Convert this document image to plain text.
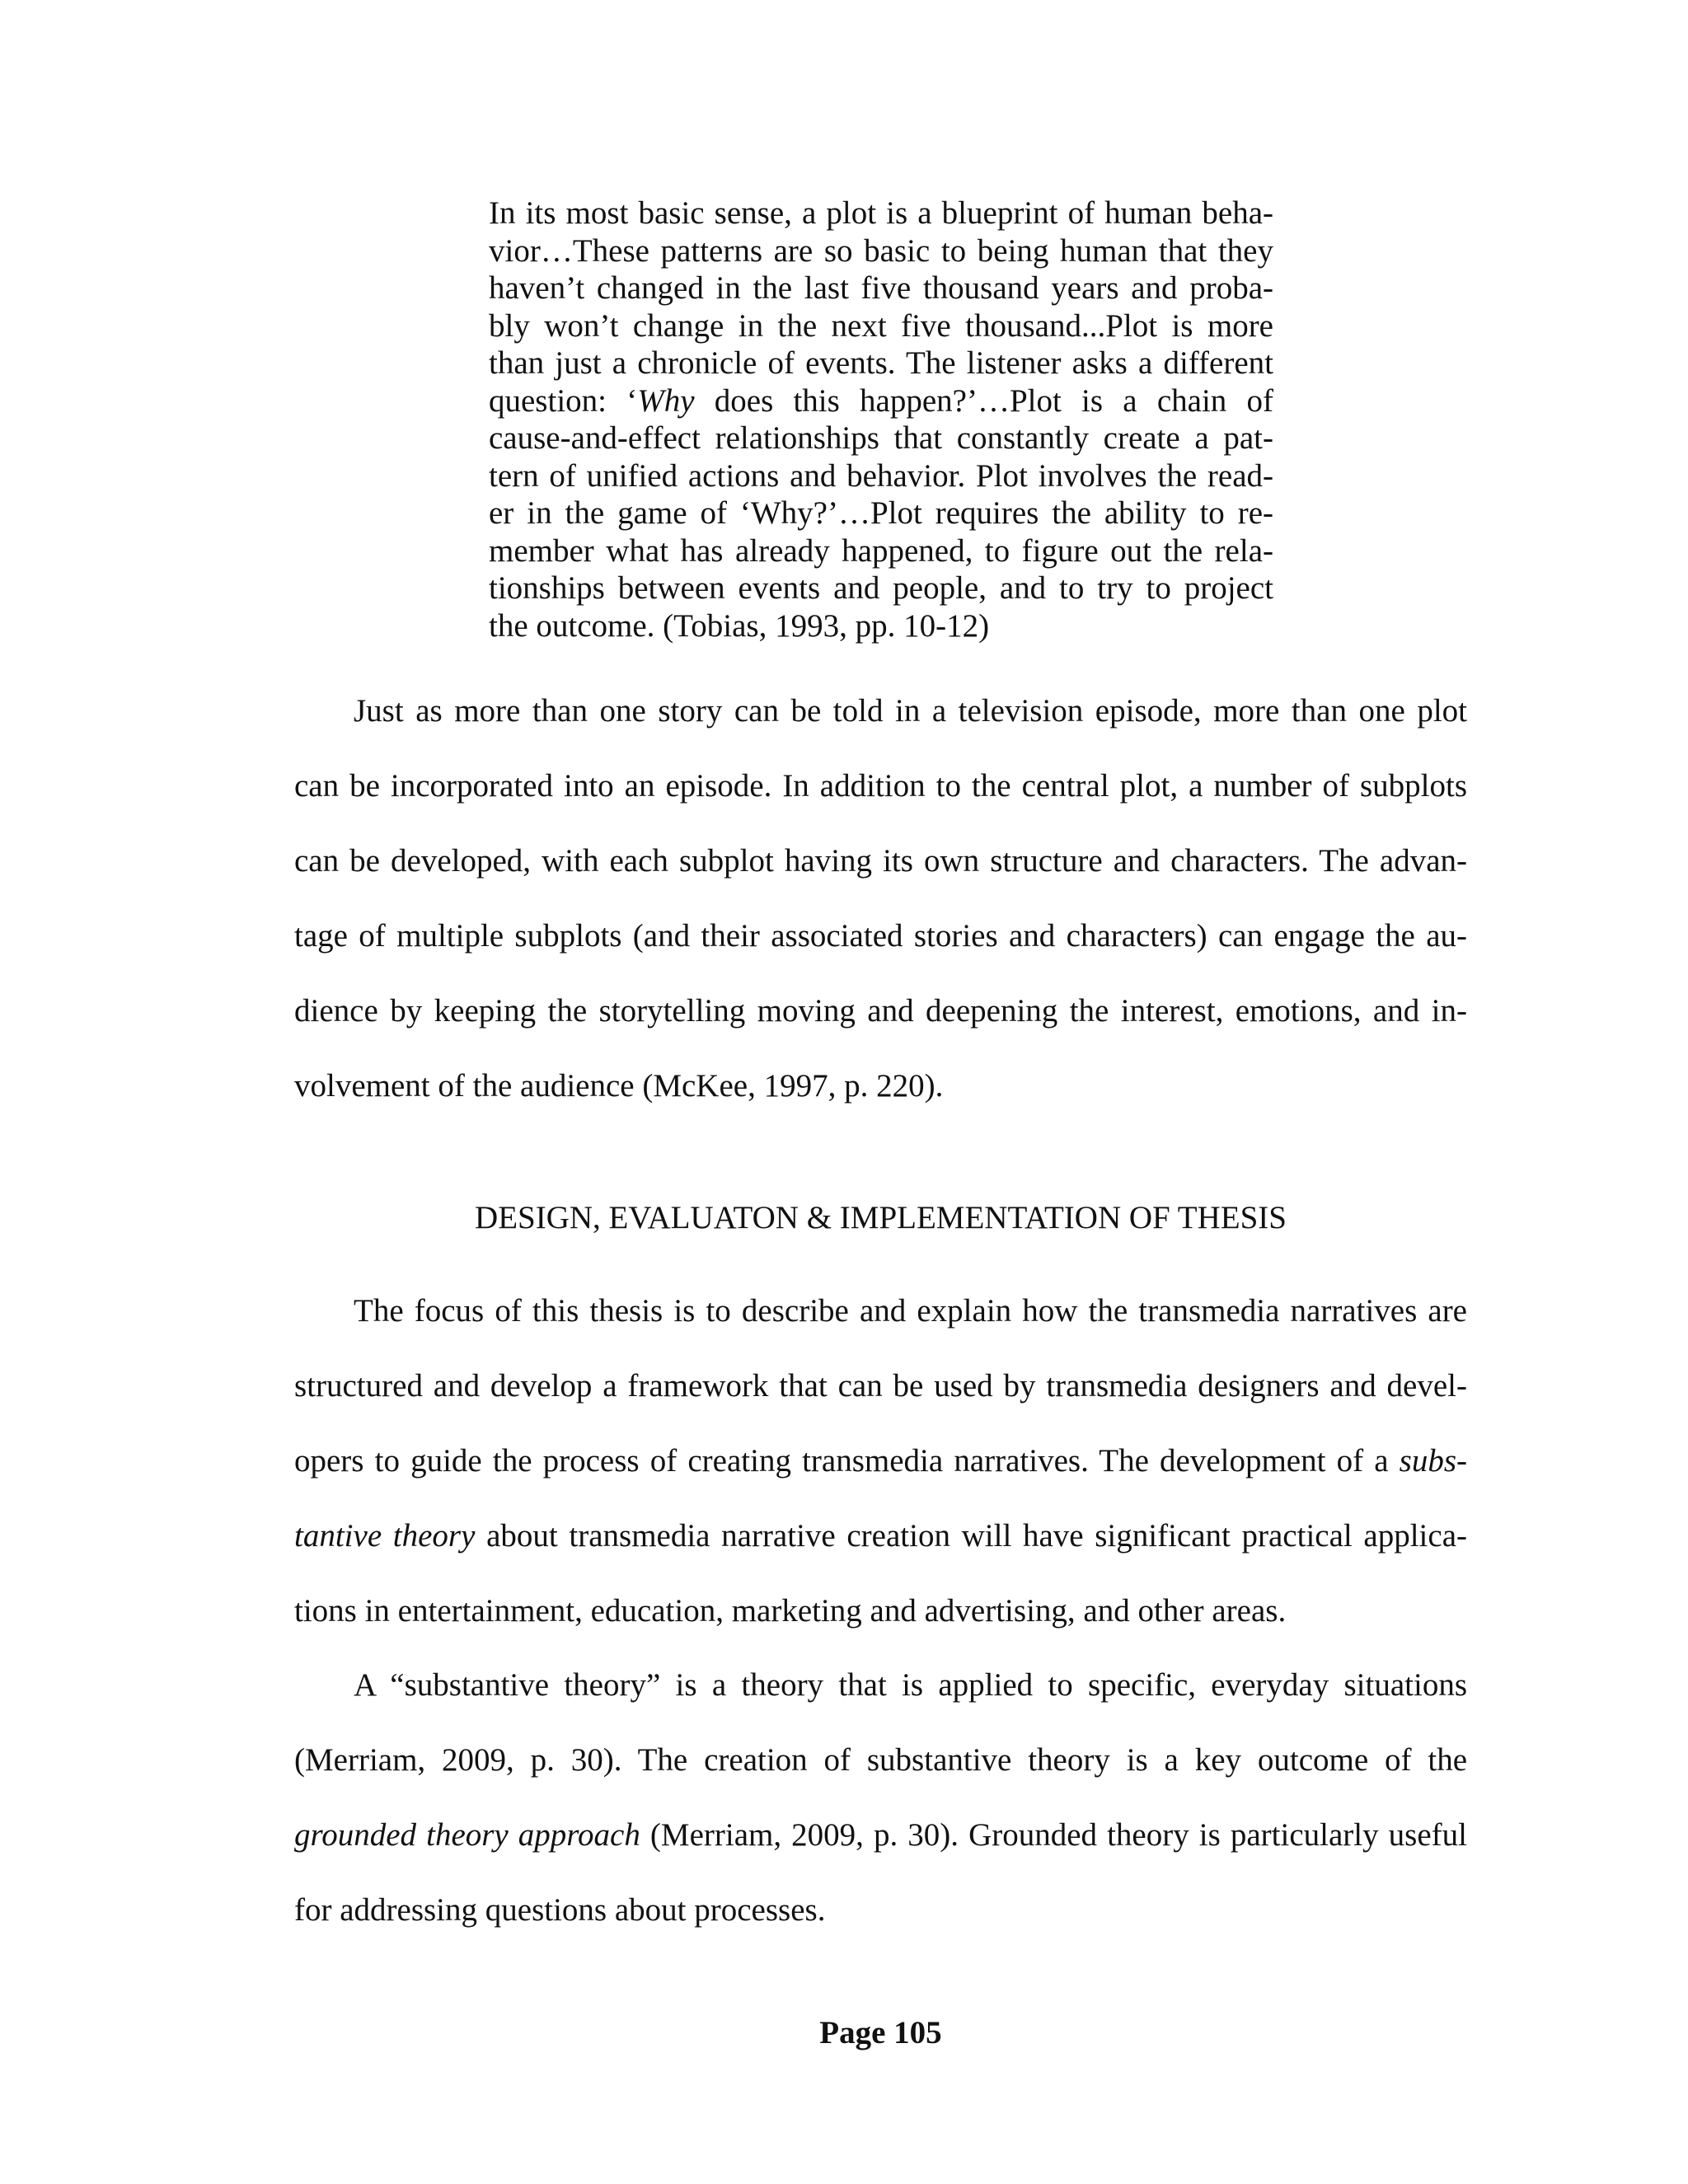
In its most basic sense, a plot is a blueprint of human beha-
vior…These patterns are so basic to being human that they
haven’t changed in the last five thousand years and proba-
bly won’t change in the next five thousand...Plot is more
than just a chronicle of events. The listener asks a different
question: ‘Why does this happen?’…Plot is a chain of
cause-and-effect relationships that constantly create a pat-
tern of unified actions and behavior. Plot involves the read-
er in the game of ‘Why?’…Plot requires the ability to re-
member what has already happened, to figure out the rela-
tionships between events and people, and to try to project
the outcome. (Tobias, 1993, pp. 10-12)
Just as more than one story can be told in a television episode, more than one plot
can be incorporated into an episode. In addition to the central plot, a number of subplots
can be developed, with each subplot having its own structure and characters. The advan-
tage of multiple subplots (and their associated stories and characters) can engage the au-
dience by keeping the storytelling moving and deepening the interest, emotions, and in-
volvement of the audience (McKee, 1997, p. 220).
DESIGN, EVALUATON & IMPLEMENTATION OF THESIS
The focus of this thesis is to describe and explain how the transmedia narratives are
structured and develop a framework that can be used by transmedia designers and devel-
opers to guide the process of creating transmedia narratives. The development of a subs-
tantive theory about transmedia narrative creation will have significant practical applica-
tions in entertainment, education, marketing and advertising, and other areas.
A “substantive theory” is a theory that is applied to specific, everyday situations
(Merriam, 2009, p. 30). The creation of substantive theory is a key outcome of the
grounded theory approach (Merriam, 2009, p. 30). Grounded theory is particularly useful
for addressing questions about processes.
Page 105
